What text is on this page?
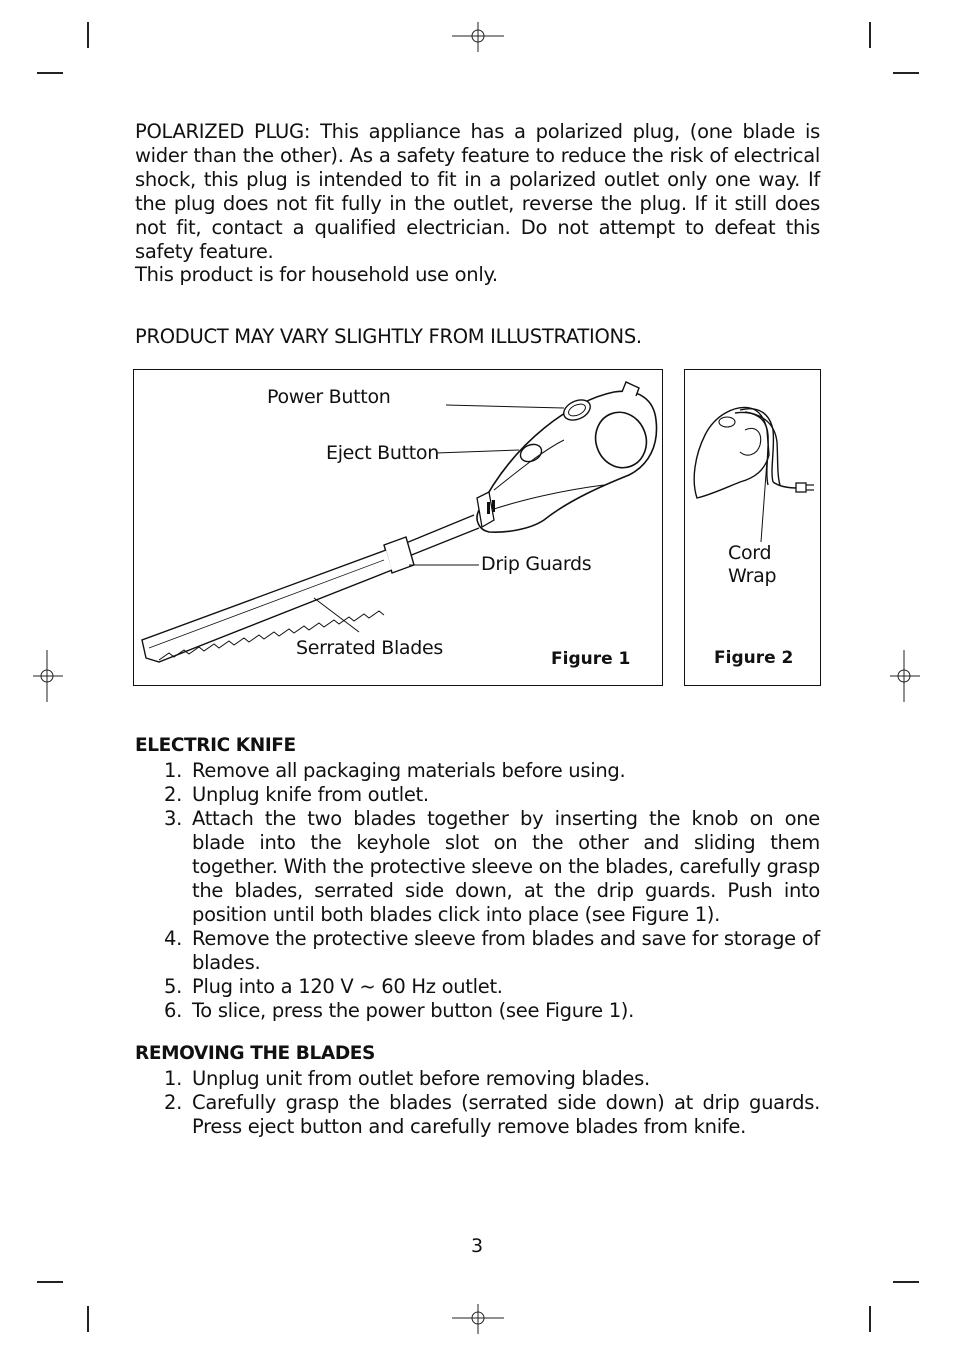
POLARIZED PLUG: This appliance has a polarized plug, (one blade is wider than the other). As a safety feature to reduce the risk of electrical shock, this plug is intended to fit in a polarized outlet only one way. If the plug does not fit fully in the outlet, reverse the plug. If it still does not fit, contact a qualified electrician. Do not attempt to defeat this safety feature.

This product is for household use only.

PRODUCT MAY VARY SLIGHTLY FROM ILLUSTRATIONS.

Power Button
Eject Button
Drip Guards
Serrated Blades	Figure 1
Cord
Wrap
Figure 2

ELECTRIC KNIFE

1. Remove all packaging materials before using.
2. Unplug knife from outlet.
3. Attach the two blades together by inserting the knob on one blade into the keyhole slot on the other and sliding them together. With the protective sleeve on the blades, carefully grasp the blades, serrated side down, at the drip guards. Push into position until both blades click into place (see Figure 1).
4. Remove the protective sleeve from blades and save for storage of blades.
5. Plug into a 120 V ~ 60 Hz outlet.
6. To slice, press the power button (see Figure 1).

REMOVING THE BLADES

1. Unplug unit from outlet before removing blades.
2. Carefully grasp the blades (serrated side down) at drip guards. Press eject button and carefully remove blades from knife.
3
